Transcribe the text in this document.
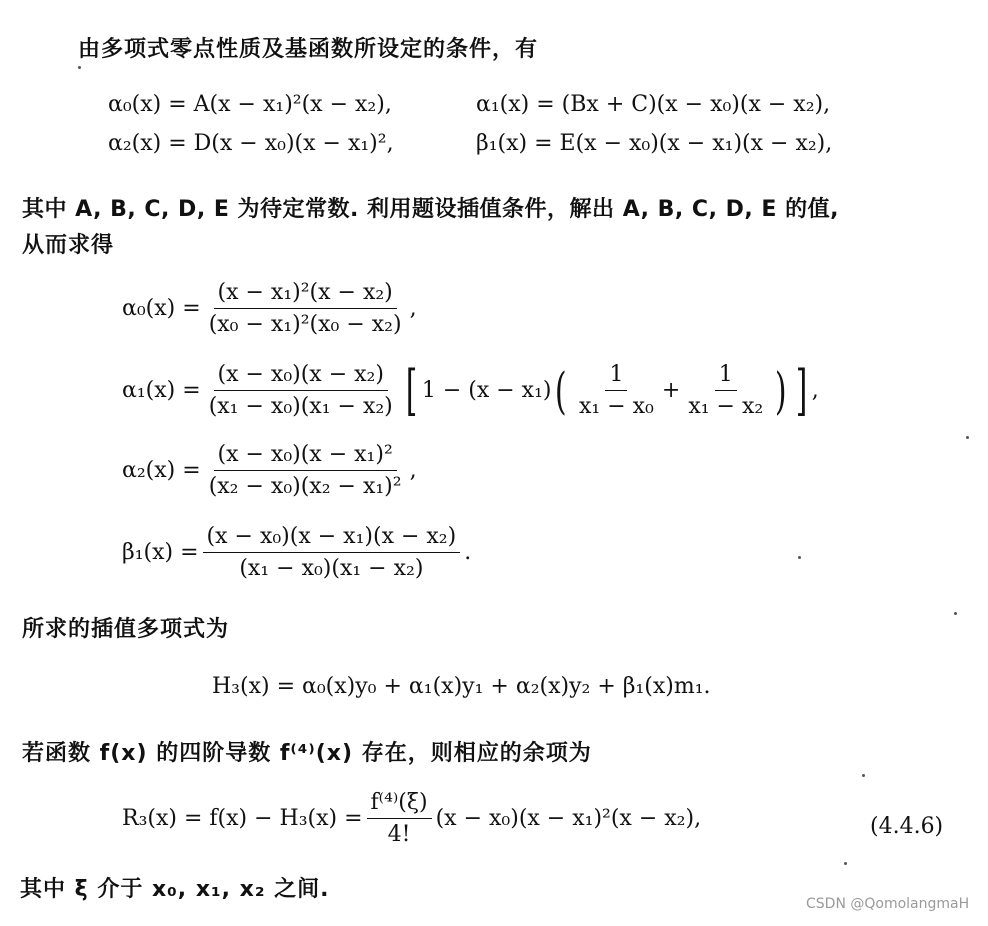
由多项式零点性质及基函数所设定的条件，有
α₀(x) = A(x − x₁)²(x − x₂),	α₁(x) = (Bx + C)(x − x₀)(x − x₂),
α₂(x) = D(x − x₀)(x − x₁)²,	β₁(x) = E(x − x₀)(x − x₁)(x − x₂),
其中 A, B, C, D, E 为待定常数. 利用题设插值条件，解出 A, B, C, D, E 的值,
从而求得
$\alpha_0(x) = \frac{\text{(x − x₁)²(x − x₂)}}{\text{(x₀ − x₁)²(x₀ − x₂)}}$ ,
$\alpha_1(x) = \frac{\text{(x − x₀)(x − x₂)}}{\text{(x₁ − x₀)(x₁ − x₂)}}$ [ 1 − (x − x₁) ( $\frac{1}{\text{x₁ − x₀}} + \frac{1}{\text{x₁ − x₂}}$ ) ] ,
$\alpha_2(x) = \frac{\text{(x − x₀)(x − x₁)²}}{\text{(x₂ − x₀)(x₂ − x₁)²}}$ ,
$\beta_1(x) = \frac{\text{(x − x₀)(x − x₁)(x − x₂)}}{\text{(x₁ − x₀)(x₁ − x₂)}}$ .
所求的插值多项式为
H₃(x) = α₀(x)y₀ + α₁(x)y₁ + α₂(x)y₂ + β₁(x)m₁.
若函数 f(x) 的四阶导数 f⁽⁴⁾(x) 存在，则相应的余项为
$R_3(x) = f(x) - H_3(x) = \frac{\text{f⁽⁴⁾(ξ)}}{4!} (x - x_0)(x - x_1)^2(x - x_2)$,	(4.4.6)
其中 ξ 介于 x₀, x₁, x₂ 之间.
CSDN @QomolangmaH
